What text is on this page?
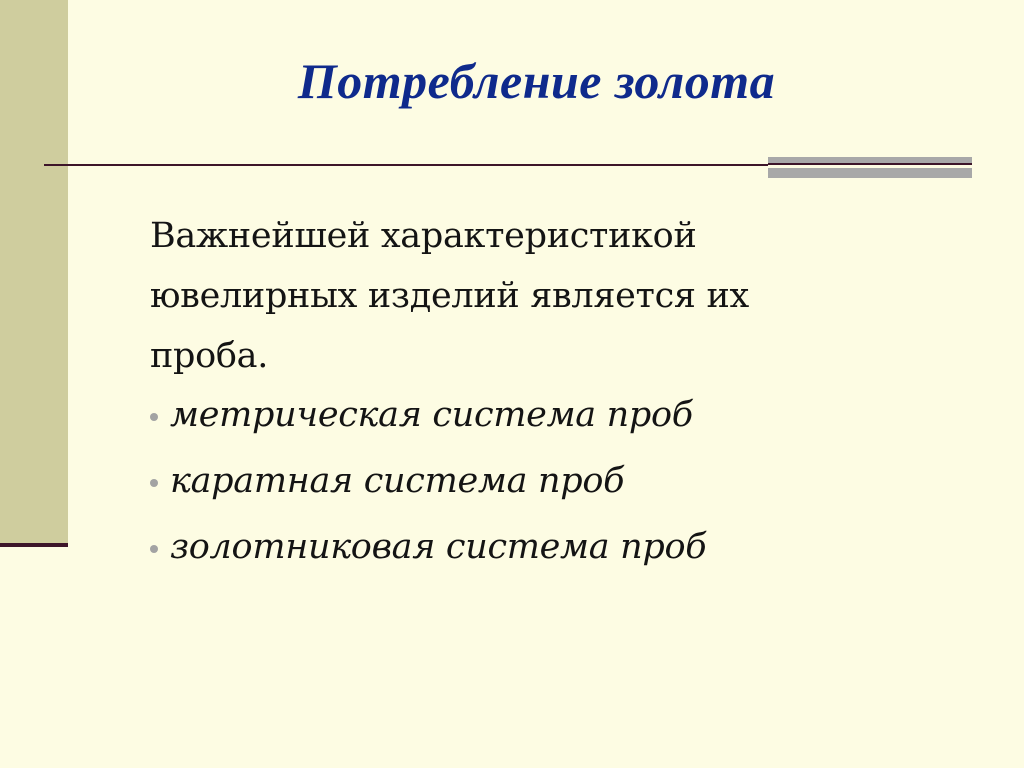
Потребление золота

Важнейшей характеристикой
ювелирных изделий является их
проба.

метрическая система проб
каратная система проб
золотниковая система проб
